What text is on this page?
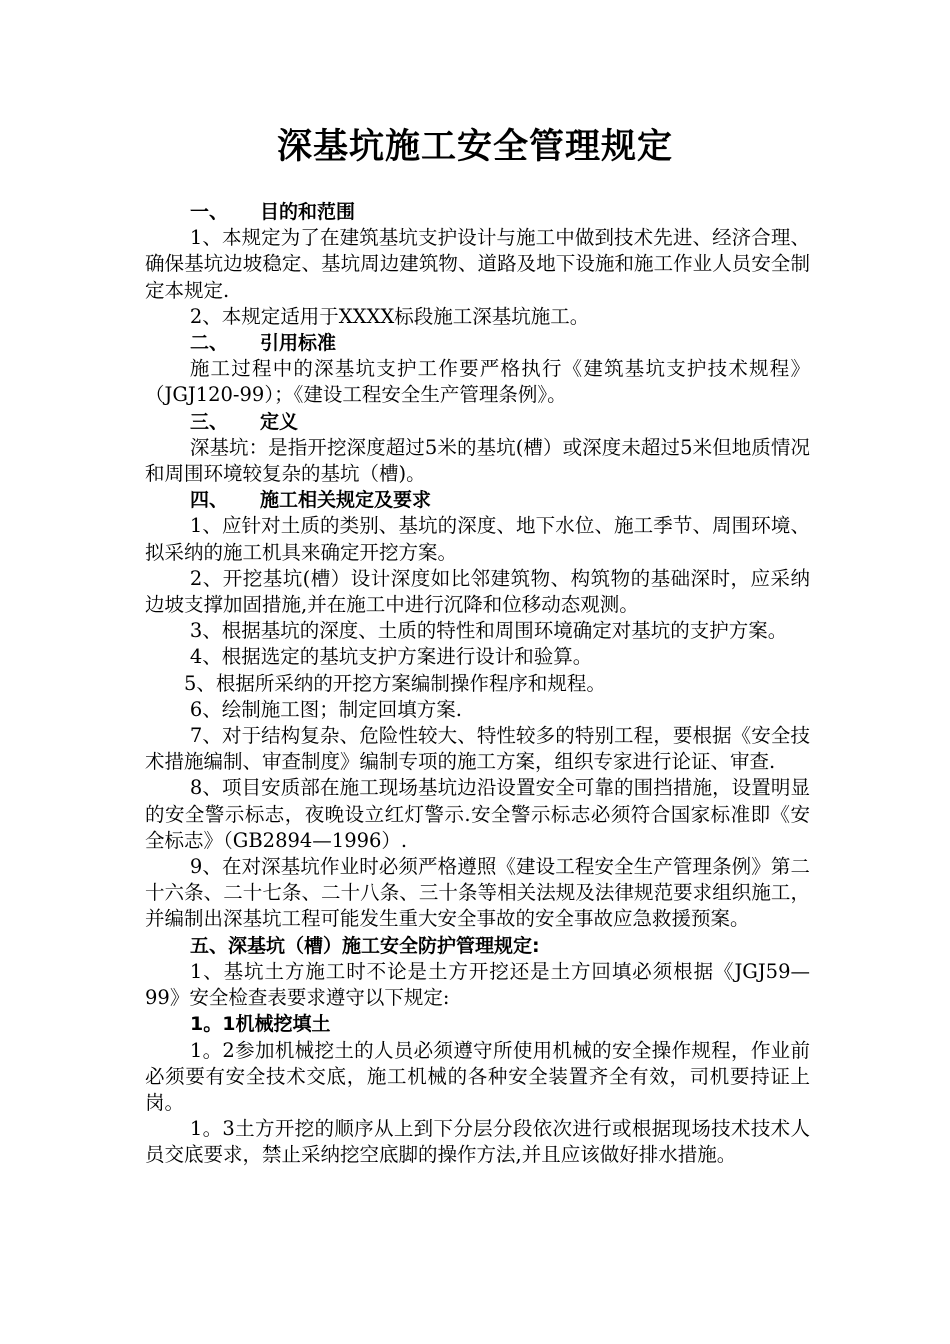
深基坑施工安全管理规定

一、 目的和范围

1、本规定为了在建筑基坑支护设计与施工中做到技术先进、经济合理、确保基坑边坡稳定、基坑周边建筑物、道路及地下设施和施工作业人员安全制定本规定.

2、本规定适用于XXXX标段施工深基坑施工。

二、 引用标准

施工过程中的深基坑支护工作要严格执行《建筑基坑支护技术规程》（JGJ120-99）；《建设工程安全生产管理条例》。

三、 定义

深基坑：是指开挖深度超过5米的基坑(槽）或深度未超过5米但地质情况和周围环境较复杂的基坑（槽)。

四、 施工相关规定及要求

1、应针对土质的类别、基坑的深度、地下水位、施工季节、周围环境、拟采纳的施工机具来确定开挖方案。

2、开挖基坑(槽）设计深度如比邻建筑物、构筑物的基础深时，应采纳边坡支撑加固措施,并在施工中进行沉降和位移动态观测。

3、根据基坑的深度、土质的特性和周围环境确定对基坑的支护方案。

4、根据选定的基坑支护方案进行设计和验算。

5、根据所采纳的开挖方案编制操作程序和规程。

6、绘制施工图；制定回填方案.

7、对于结构复杂、危险性较大、特性较多的特别工程，要根据《安全技术措施编制、审查制度》编制专项的施工方案，组织专家进行论证、审查.

8、项目安质部在施工现场基坑边沿设置安全可靠的围挡措施，设置明显的安全警示标志，夜晚设立红灯警示.安全警示标志必须符合国家标准即《安全标志》（GB2894—1996）.

9、在对深基坑作业时必须严格遵照《建设工程安全生产管理条例》第二十六条、二十七条、二十八条、三十条等相关法规及法律规范要求组织施工，并编制出深基坑工程可能发生重大安全事故的安全事故应急救援预案。

五、深基坑（槽）施工安全防护管理规定:

1、基坑土方施工时不论是土方开挖还是土方回填必须根据《JGJ59—99》安全检查表要求遵守以下规定:

1。1机械挖填土

1。2参加机械挖土的人员必须遵守所使用机械的安全操作规程，作业前必须要有安全技术交底，施工机械的各种安全装置齐全有效，司机要持证上岗。

1。3土方开挖的顺序从上到下分层分段依次进行或根据现场技术技术人员交底要求，禁止采纳挖空底脚的操作方法,并且应该做好排水措施。
